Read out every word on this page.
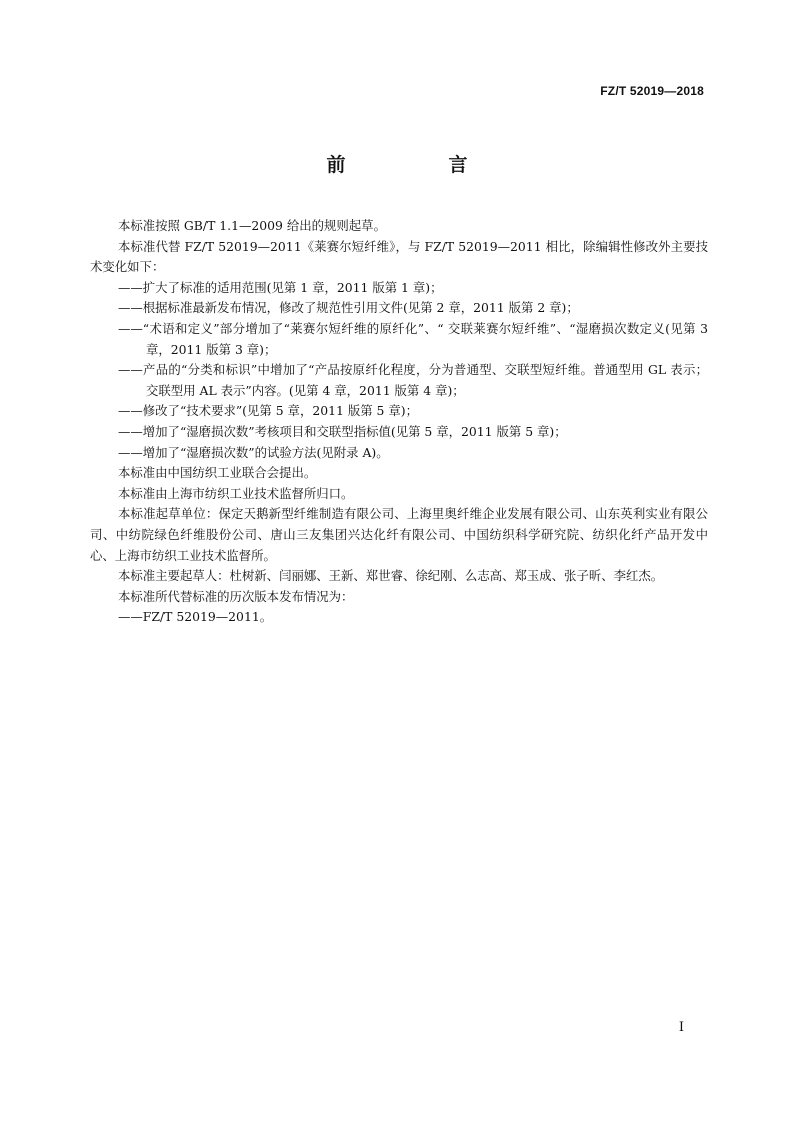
FZ/T 52019—2018
前　言

本标准按照 GB/T 1.1—2009 给出的规则起草。

本标准代替 FZ/T 52019—2011《莱赛尔短纤维》，与 FZ/T 52019—2011 相比，除编辑性修改外主要技术变化如下：

——扩大了标准的适用范围(见第 1 章，2011 版第 1 章)；

——根据标准最新发布情况，修改了规范性引用文件(见第 2 章，2011 版第 2 章)；

——“术语和定义”部分增加了“莱赛尔短纤维的原纤化”、“ 交联莱赛尔短纤维”、“湿磨损次数定义(见第 3 章，2011 版第 3 章)；

——产品的“分类和标识”中增加了“产品按原纤化程度，分为普通型、交联型短纤维。普通型用 GL 表示；交联型用 AL 表示”内容。(见第 4 章，2011 版第 4 章)；

——修改了“技术要求”(见第 5 章，2011 版第 5 章)；

——增加了“湿磨损次数”考核项目和交联型指标值(见第 5 章，2011 版第 5 章)；

——增加了“湿磨损次数”的试验方法(见附录 A)。

本标准由中国纺织工业联合会提出。

本标准由上海市纺织工业技术监督所归口。

本标准起草单位：保定天鹅新型纤维制造有限公司、上海里奥纤维企业发展有限公司、山东英利实业有限公司、中纺院绿色纤维股份公司、唐山三友集团兴达化纤有限公司、中国纺织科学研究院、纺织化纤产品开发中心、上海市纺织工业技术监督所。

本标准主要起草人：杜树新、闫丽娜、王新、郑世睿、徐纪刚、么志高、郑玉成、张子昕、李红杰。

本标准所代替标准的历次版本发布情况为：

——FZ/T 52019—2011。

I
